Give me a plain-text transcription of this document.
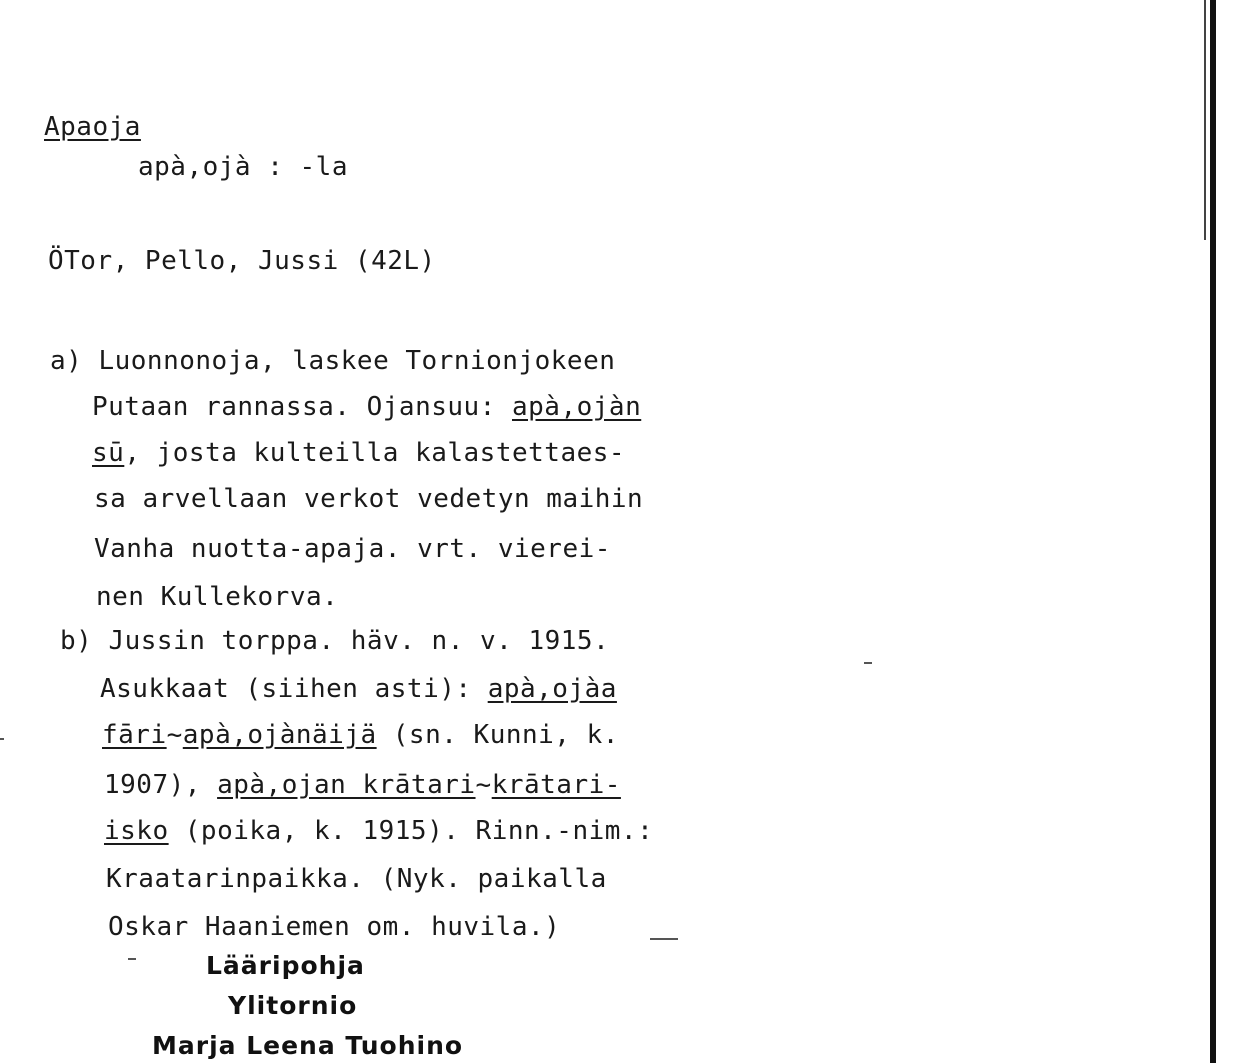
Apaoja
apà,ojà : -la
ÖTor, Pello, Jussi (42L)
a) Luonnonoja, laskee Tornionjokeen
Putaan rannassa. Ojansuu: apà,ojàn
sū, josta kulteilla kalastettaes-
sa arvellaan verkot vedetyn maihin
Vanha nuotta-apaja. vrt. vierei-
nen Kullekorva.
b) Jussin torppa. häv. n. v. 1915.
Asukkaat (siihen asti): apà,ojàa
fāri~apà,ojànäijä (sn. Kunni, k.
1907), apà,ojan krātari~krātari-
isko (poika, k. 1915). Rinn.-nim.:
Kraatarinpaikka. (Nyk. paikalla
Oskar Haaniemen om. huvila.)
Lääripohja
Ylitornio
Marja Leena Tuohino
